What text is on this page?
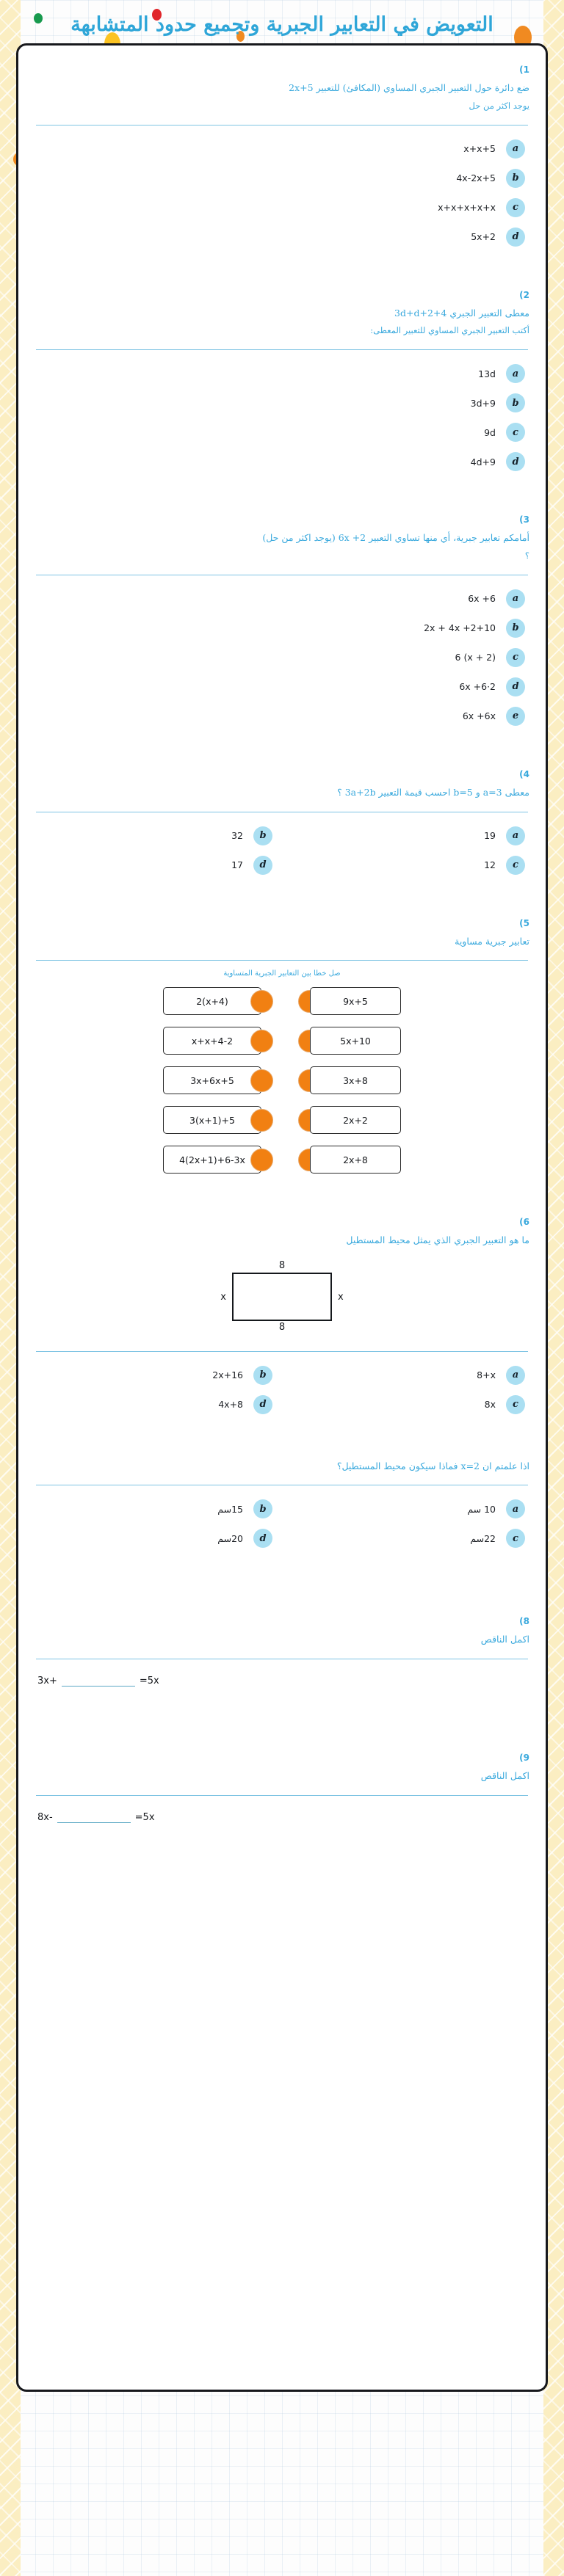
التعويض في التعابير الجبرية وتجميع حدود المتشابهة
1)
ضع دائرة حول التعبير الجبري المساوي (المكافئ) للتعبير 2x+5
يوجد اكثر من حل
a
x+x+5
b
4x-2x+5
c
x+x+x+x+x
d
5x+2
2)
معطى التعبير الجبري 3d+d+2+4
أكتب التعبير الجبري المساوي للتعبير المعطى:
a
13d
b
3d+9
c
9d
d
4d+9
3)
أمامكم تعابير جبرية، أي منها تساوي التعبير 2+ 6x (يوجد اكثر من حل)
؟
a
6x +6
b
2x + 4x +2+10
c
6 (x + 2)
d
6x +6·2
e
6x +6x
4)
معطى a=3 و b=5 احسب قيمة التعبير 3a+2b ؟
a
19
b
32
c
12
d
17
5)
تعابير جبرية مساوية
صل خطا بين التعابير الجبرية المتساوية
2(x+4)
x+x+4-2
3x+6x+5
3(x+1)+5
4(2x+1)+6-3x
9x+5
5x+10
3x+8
2x+2
2x+8
6)
ما هو التعبير الجبري الذي يمثل محيط المستطيل
8
x	x
8
a
8+x
b
2x+16
c
8x
d
4x+8
اذا علمتم ان x=2 فماذا سيكون محيط المستطيل؟
a
10 سم
b
15سم
c
22سم
d
20سم
8)
اكمل الناقص
3x+	=5x
9)
اكمل الناقص
8x-	=5x
